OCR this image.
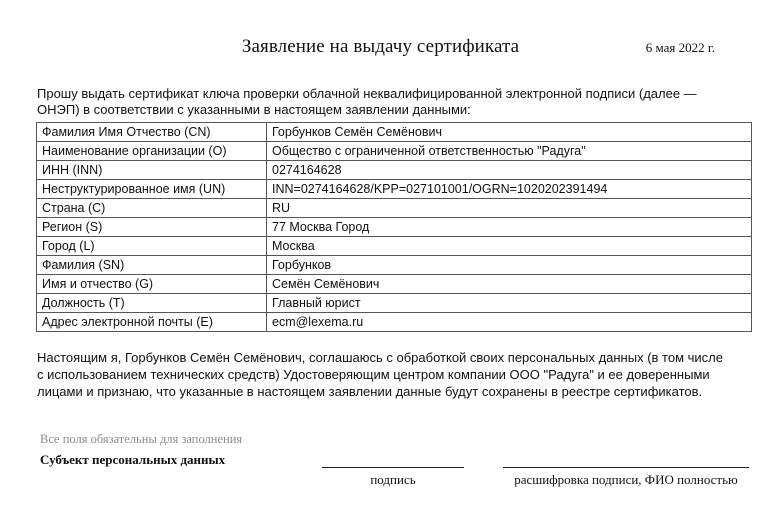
Заявление на выдачу сертификата	6 мая 2022 г.
Прошу выдать сертификат ключа проверки облачной неквалифицированной электронной подписи (далее — ОНЭП) в соответствии с указанными в настоящем заявлении данными:
Фамилия Имя Отчество (CN)	Горбунков Семён Семёнович
Наименование организации (O)	Общество с ограниченной ответственностью "Радуга"
ИНН (INN)	0274164628
Неструктурированное имя (UN)	INN=0274164628/KPP=027101001/OGRN=1020202391494
Страна (C)	RU
Регион (S)	77 Москва Город
Город (L)	Москва
Фамилия (SN)	Горбунков
Имя и отчество (G)	Семён Семёнович
Должность (T)	Главный юрист
Адрес электронной почты (E)	ecm@lexema.ru
Настоящим я, Горбунков Семён Семёнович, соглашаюсь с обработкой своих персональных данных (в том числе с использованием технических средств) Удостоверяющим центром компании ООО "Радуга" и ее доверенными лицами и признаю, что указанные в настоящем заявлении данные будут сохранены в реестре сертификатов.
Все поля обязательны для заполнения
Субъект персональных данных
подпись	расшифровка подписи, ФИО полностью
